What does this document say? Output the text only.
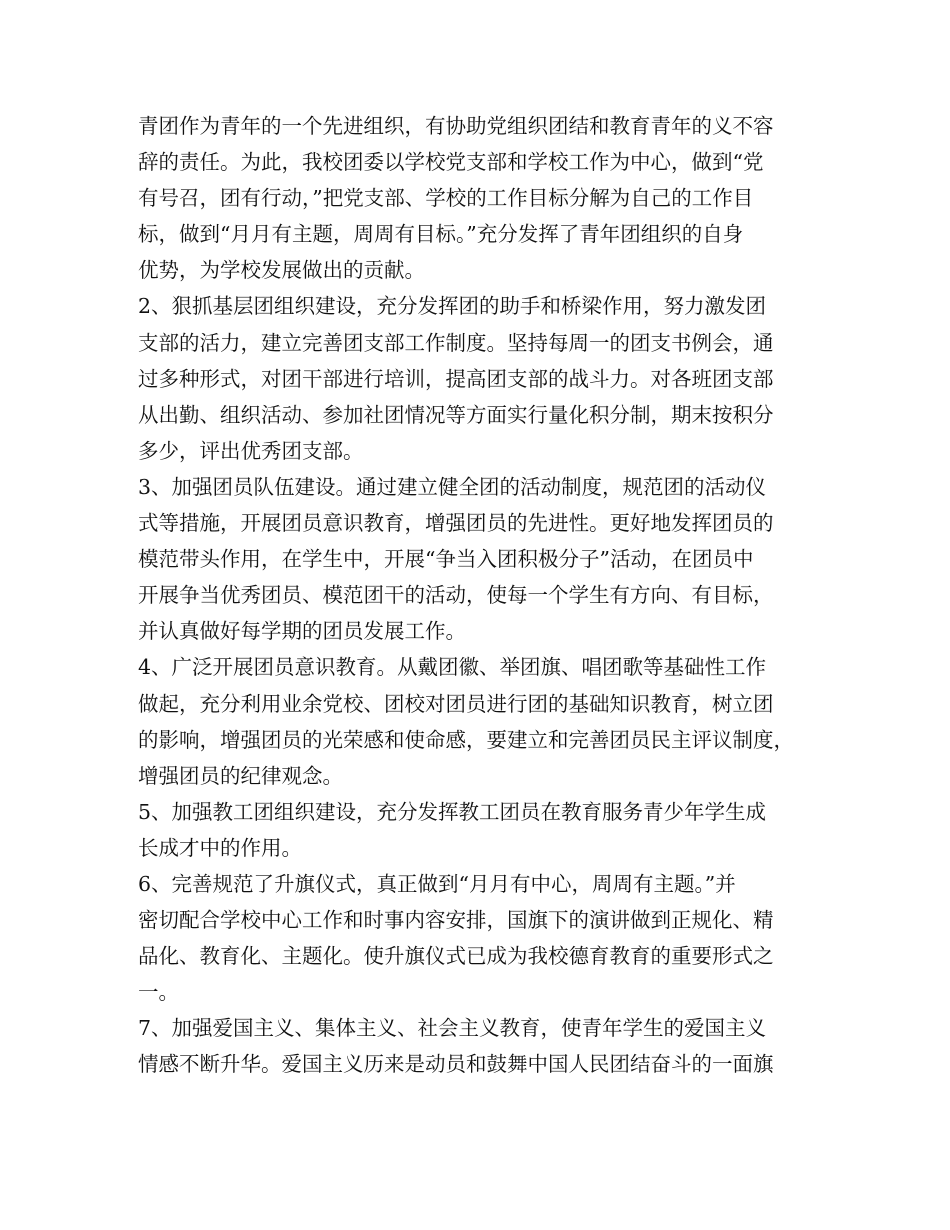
青团作为青年的一个先进组织，有协助党组织团结和教育青年的义不容
辞的责任。为此，我校团委以学校党支部和学校工作为中心，做到“党
有号召，团有行动，”把党支部、学校的工作目标分解为自己的工作目
标，做到“月月有主题，周周有目标。”充分发挥了青年团组织的自身
优势，为学校发展做出的贡献。
2、狠抓基层团组织建设，充分发挥团的助手和桥梁作用，努力激发团
支部的活力，建立完善团支部工作制度。坚持每周一的团支书例会，通
过多种形式，对团干部进行培训，提高团支部的战斗力。对各班团支部
从出勤、组织活动、参加社团情况等方面实行量化积分制，期末按积分
多少，评出优秀团支部。
3、加强团员队伍建设。通过建立健全团的活动制度，规范团的活动仪
式等措施，开展团员意识教育，增强团员的先进性。更好地发挥团员的
模范带头作用，在学生中，开展“争当入团积极分子”活动，在团员中
开展争当优秀团员、模范团干的活动，使每一个学生有方向、有目标，
并认真做好每学期的团员发展工作。
4、广泛开展团员意识教育。从戴团徽、举团旗、唱团歌等基础性工作
做起，充分利用业余党校、团校对团员进行团的基础知识教育，树立团
的影响，增强团员的光荣感和使命感，要建立和完善团员民主评议制度，
增强团员的纪律观念。
5、加强教工团组织建设，充分发挥教工团员在教育服务青少年学生成
长成才中的作用。
6、完善规范了升旗仪式，真正做到“月月有中心，周周有主题。”并
密切配合学校中心工作和时事内容安排，国旗下的演讲做到正规化、精
品化、教育化、主题化。使升旗仪式已成为我校德育教育的重要形式之
一。
7、加强爱国主义、集体主义、社会主义教育，使青年学生的爱国主义
情感不断升华。爱国主义历来是动员和鼓舞中国人民团结奋斗的一面旗
